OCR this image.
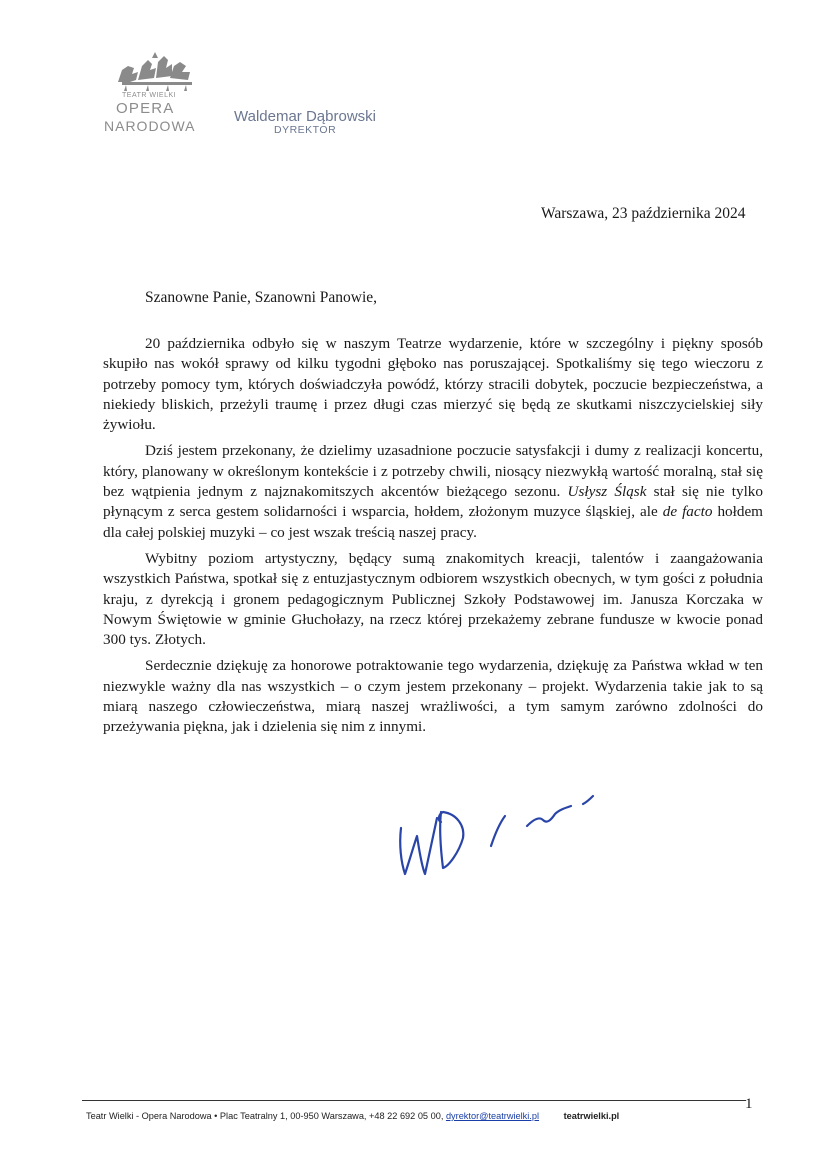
TEATR WIELKI
OPERA
NARODOWA
Waldemar Dąbrowski
DYREKTOR
Warszawa, 23 października 2024
Szanowne Panie, Szanowni Panowie,

20 października odbyło się w naszym Teatrze wydarzenie, które w szczególny i piękny sposób skupiło nas wokół sprawy od kilku tygodni głęboko nas poruszającej. Spotkaliśmy się tego wieczoru z potrzeby pomocy tym, których doświadczyła powódź, którzy stracili dobytek, poczucie bezpieczeństwa, a niekiedy bliskich, przeżyli traumę i przez długi czas mierzyć się będą ze skutkami niszczycielskiej siły żywiołu.

Dziś jestem przekonany, że dzielimy uzasadnione poczucie satysfakcji i dumy z realizacji koncertu, który, planowany w określonym kontekście i z potrzeby chwili, niosący niezwykłą wartość moralną, stał się bez wątpienia jednym z najznakomitszych akcentów bieżącego sezonu. Usłysz Śląsk stał się nie tylko płynącym z serca gestem solidarności i wsparcia, hołdem, złożonym muzyce śląskiej, ale de facto hołdem dla całej polskiej muzyki – co jest wszak treścią naszej pracy.

Wybitny poziom artystyczny, będący sumą znakomitych kreacji, talentów i zaangażowania wszystkich Państwa, spotkał się z entuzjastycznym odbiorem wszystkich obecnych, w tym gości z południa kraju, z dyrekcją i gronem pedagogicznym Publicznej Szkoły Podstawowej im. Janusza Korczaka w Nowym Świętowie w gminie Głuchołazy, na rzecz której przekażemy zebrane fundusze w kwocie ponad 300 tys. Złotych.

Serdecznie dziękuję za honorowe potraktowanie tego wydarzenia, dziękuję za Państwa wkład w ten niezwykle ważny dla nas wszystkich – o czym jestem przekonany – projekt. Wydarzenia takie jak to są miarą naszego człowieczeństwa, miarą naszej wrażliwości, a tym samym zarówno zdolności do przeżywania piękna, jak i dzielenia się nim z innymi.

1
Teatr Wielki - Opera Narodowa • Plac Teatralny 1, 00-950 Warszawa, +48 22 692 05 00, dyrektor@teatrwielki.pl	teatrwielki.pl
